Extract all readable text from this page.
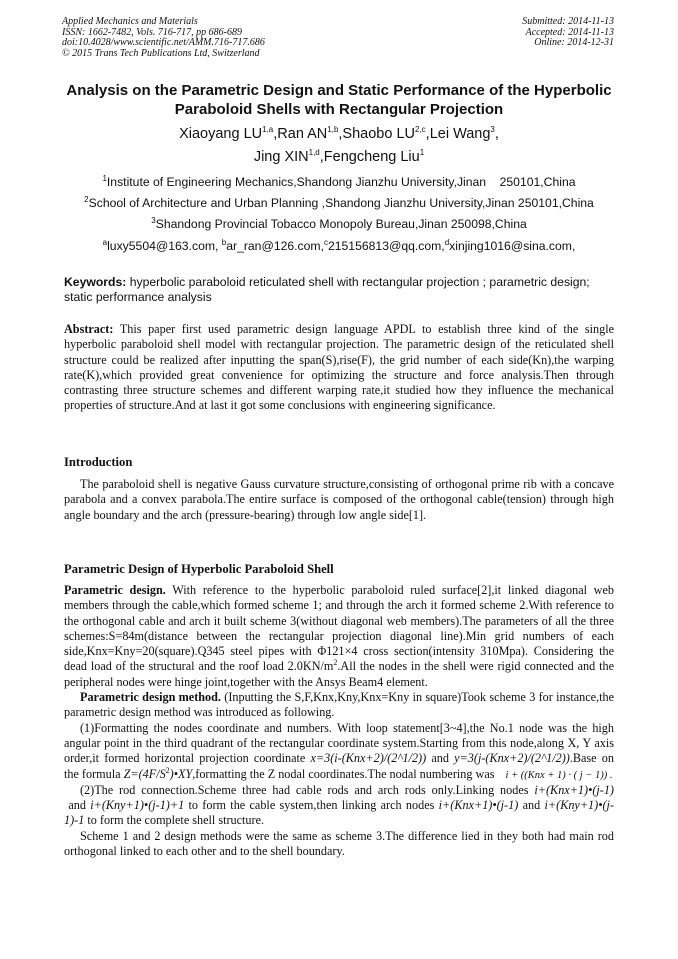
Applied Mechanics and Materials
ISSN: 1662-7482, Vols. 716-717, pp 686-689
doi:10.4028/www.scientific.net/AMM.716-717.686
© 2015 Trans Tech Publications Ltd, Switzerland
Submitted: 2014-11-13
Accepted: 2014-11-13
Online: 2014-12-31
Analysis on the Parametric Design and Static Performance of the Hyperbolic Paraboloid Shells with Rectangular Projection
Xiaoyang LU$^{1,a}$,Ran AN$^{1,b}$,Shaobo LU$^{2,c}$,Lei Wang$^3$,
Jing XIN$^{1,d}$,Fengcheng Liu$^1$
$^1$Institute of Engineering Mechanics,Shandong Jianzhu University,Jinan    250101,China
$^2$School of Architecture and Urban Planning ,Shandong Jianzhu University,Jinan 250101,China
$^3$Shandong Provincial Tobacco Monopoly Bureau,Jinan 250098,China
$^a$luxy5504@163.com, $^b$ar_ran@126.com,$^c$215156813@qq.com,$^d$xinjing1016@sina.com,
Keywords: hyperbolic paraboloid reticulated shell with rectangular projection ; parametric design; static performance analysis
Abstract: This paper first used parametric design language APDL to establish three kind of the single hyperbolic paraboloid shell model with rectangular projection. The parametric design of the reticulated shell structure could be realized after inputting the span(S),rise(F), the grid number of each side(Kn),the warping rate(K),which provided great convenience for optimizing the structure and force analysis.Then through contrasting three structure schemes and different warping rate,it studied how they influence the mechanical properties of structure.And at last it got some conclusions with engineering significance.
Introduction
The paraboloid shell is negative Gauss curvature structure,consisting of orthogonal prime rib with a concave parabola and a convex parabola.The entire surface is composed of the orthogonal cable(tension) through high angle boundary and the arch (pressure-bearing) through low angle side[1].
Parametric Design of Hyperbolic Paraboloid Shell

Parametric design. With reference to the hyperbolic paraboloid ruled surface[2],it linked diagonal web members through the cable,which formed scheme 1; and through the arch it formed scheme 2.With reference to the orthogonal cable and arch it built scheme 3(without diagonal web members).The parameters of all the three schemes:S=84m(distance between the rectangular projection diagonal line).Min grid numbers of each side,Knx=Kny=20(square).Q345 steel pipes with Φ121×4 cross section(intensity 310Mpa). Considering the dead load of the structural and the roof load $2.0KN/m^2.All$ the nodes in the shell were rigid connected and the peripheral nodes were hinge joint,together with the Ansys Beam4 element.

Parametric design method. (Inputting the S,F,Knx,Kny,Knx=Kny in square)Took scheme 3 for instance,the parametric design method was introduced as following.

(1)Formatting the nodes coordinate and numbers. With loop statement[3~4],the No.1 node was the high angular point in the third quadrant of the rectangular coordinate system.Starting from this node,along X, Y axis order,it formed horizontal projection coordinate x=3(i-(Knx+2)/(2^1/2)) and y=3(j-(Knx+2)/(2^1/2)).Base on the formula $Z=(4F/S^2)•XY,formatting$ the Z nodal coordinates.The nodal numbering was i + ((Knx + 1) · ( j − 1)) .

(2)The rod connection.Scheme three had cable rods and arch rods only.Linking nodes i+(Knx+1)•(j-1) and i+(Kny+1)•(j-1)+1 to form the cable system,then linking arch nodes i+(Knx+1)•(j-1) and i+(Kny+1)•(j-1)-1 to form the complete shell structure.

Scheme 1 and 2 design methods were the same as scheme 3.The difference lied in they both had main rod orthogonal linked to each other and to the shell boundary.
